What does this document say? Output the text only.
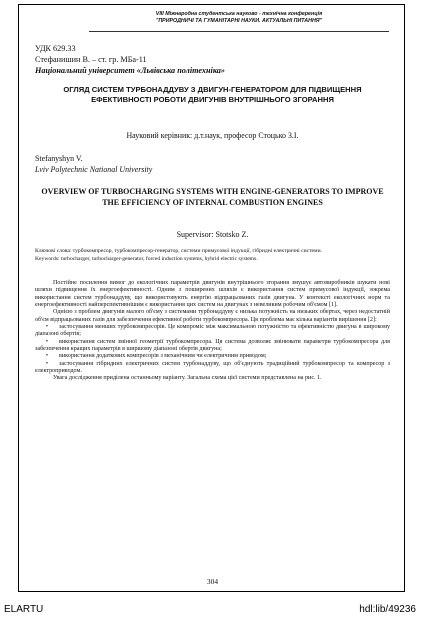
VIII Міжнародна студентська науково - технічна конференція
"ПРИРОДНИЧІ ТА ГУМАНІТАРНІ НАУКИ. АКТУАЛЬНІ ПИТАННЯ"
УДК 629.33
Стефанишин В. – ст. гр. МБа-11
Національний університет «Львівська політехніка»
ОГЛЯД СИСТЕМ ТУРБОНАДДУВУ З ДВИГУН-ГЕНЕРАТОРОМ ДЛЯ ПІДВИЩЕННЯ ЕФЕКТИВНОСТІ РОБОТИ ДВИГУНІВ ВНУТРІШНЬОГО ЗГОРАННЯ
Науковий керівник: д.т.наук, професор Стоцько З.І.
Stefanyshyn V.
Lviv Polytechnic National University
OVERVIEW OF TURBOCHARGING SYSTEMS WITH ENGINE-GENERATORS TO IMPROVE THE EFFICIENCY OF INTERNAL COMBUSTION ENGINES
Supervisor: Stotsko Z.
Ключові слова: турбокомпресор, турбокомпресор-генератор, системи примусової індукції, гібридні електричні системи.
Keywords: turbocharger, turbocharger-generator, forced induction systems, hybrid electric systems.

Постійне посилення вимог до екологічних параметрів двигунів внутрішнього згорання змушує автовиробників шукати нові шляхи підвищення їх енергоефективності. Одним з поширених шляхів є використання систем примусової індукції, зокрема використання систем турбонаддуву, що використовують енергію відпрацьованих газів двигуна. У контексті екологічних норм та енергоефективності найперспективнішим є використання цих систем на двигунах з невеликим робочим об'ємом [1].

Однією з проблем двигунів малого об'єму з системами турбонаддуву є низька потужність на низьких обертах, через недостатній об'єм відпрацьованих газів для забезпечення ефективної роботи турбокомпресора. Ця проблема має кілька варіантів вирішення [2]:

• застосування менших турбокомпресорів. Це компроміс між максимальною потужністю та ефективністю двигуна в широкому діапазоні обертів;

• використання систем змінної геометрії турбокомпресора. Ця система дозволяє змінювати параметри турбокомпресора для забезпечення кращих параметрів в ширшому діапазоні обертів двигуна;

• використання додаткових компресорів з механічним чи електричним приводом;

• застосування гібридних електричних систем турбонаддуву, що об'єднують традиційний турбокомпресор та компресор з електроприводом.

Увага дослідження приділена останньому варіанту. Загальна схема цієї системи представлена на рис. 1.

304
ELARTU	hdl:lib/49236
